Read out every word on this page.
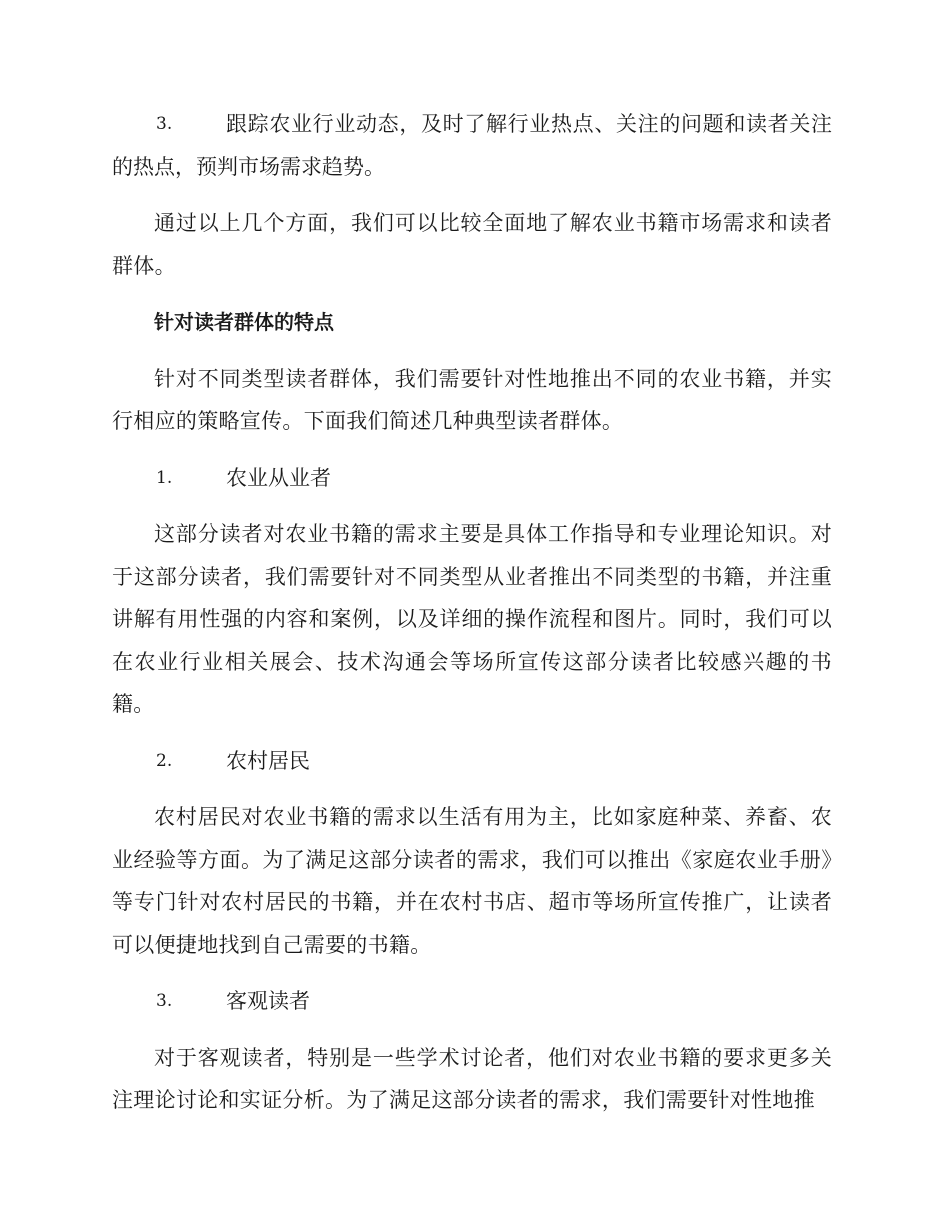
3.	跟踪农业行业动态，及时了解行业热点、关注的问题和读者关注的热点，预判市场需求趋势。

通过以上几个方面，我们可以比较全面地了解农业书籍市场需求和读者群体。

针对读者群体的特点

针对不同类型读者群体，我们需要针对性地推出不同的农业书籍，并实行相应的策略宣传。下面我们简述几种典型读者群体。

1.	农业从业者

这部分读者对农业书籍的需求主要是具体工作指导和专业理论知识。对于这部分读者，我们需要针对不同类型从业者推出不同类型的书籍，并注重讲解有用性强的内容和案例，以及详细的操作流程和图片。同时，我们可以在农业行业相关展会、技术沟通会等场所宣传这部分读者比较感兴趣的书籍。

2.	农村居民

农村居民对农业书籍的需求以生活有用为主，比如家庭种菜、养畜、农业经验等方面。为了满足这部分读者的需求，我们可以推出《家庭农业手册》等专门针对农村居民的书籍，并在农村书店、超市等场所宣传推广，让读者可以便捷地找到自己需要的书籍。

3.	客观读者

对于客观读者，特别是一些学术讨论者，他们对农业书籍的要求更多关注理论讨论和实证分析。为了满足这部分读者的需求，我们需要针对性地推
